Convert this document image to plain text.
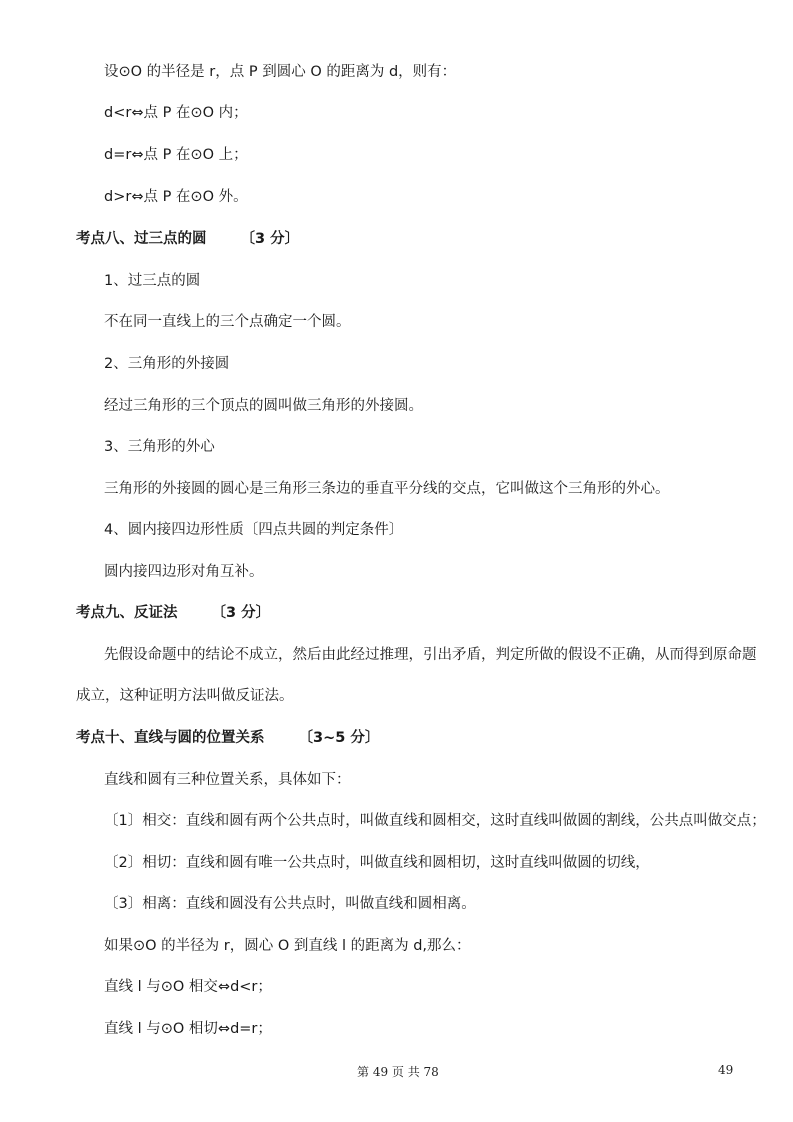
设⊙O 的半径是 r，点 P 到圆心 O 的距离为 d，则有：
d<r⇔点 P 在⊙O 内；
d=r⇔点 P 在⊙O 上；
d>r⇔点 P 在⊙O 外。
考点八、过三点的圆 〔3 分〕
1、过三点的圆
不在同一直线上的三个点确定一个圆。
2、三角形的外接圆
经过三角形的三个顶点的圆叫做三角形的外接圆。
3、三角形的外心
三角形的外接圆的圆心是三角形三条边的垂直平分线的交点，它叫做这个三角形的外心。
4、圆内接四边形性质〔四点共圆的判定条件〕
圆内接四边形对角互补。
考点九、反证法 〔3 分〕
先假设命题中的结论不成立，然后由此经过推理，引出矛盾，判定所做的假设不正确，从而得到原命题
成立，这种证明方法叫做反证法。
考点十、直线与圆的位置关系 〔3~5 分〕
直线和圆有三种位置关系，具体如下：
〔1〕相交：直线和圆有两个公共点时，叫做直线和圆相交，这时直线叫做圆的割线，公共点叫做交点；
〔2〕相切：直线和圆有唯一公共点时，叫做直线和圆相切，这时直线叫做圆的切线，
〔3〕相离：直线和圆没有公共点时，叫做直线和圆相离。
如果⊙O 的半径为 r，圆心 O 到直线 l 的距离为 d,那么：
直线 l 与⊙O 相交⇔d<r；
直线 l 与⊙O 相切⇔d=r；
第 49 页 共 78	49
